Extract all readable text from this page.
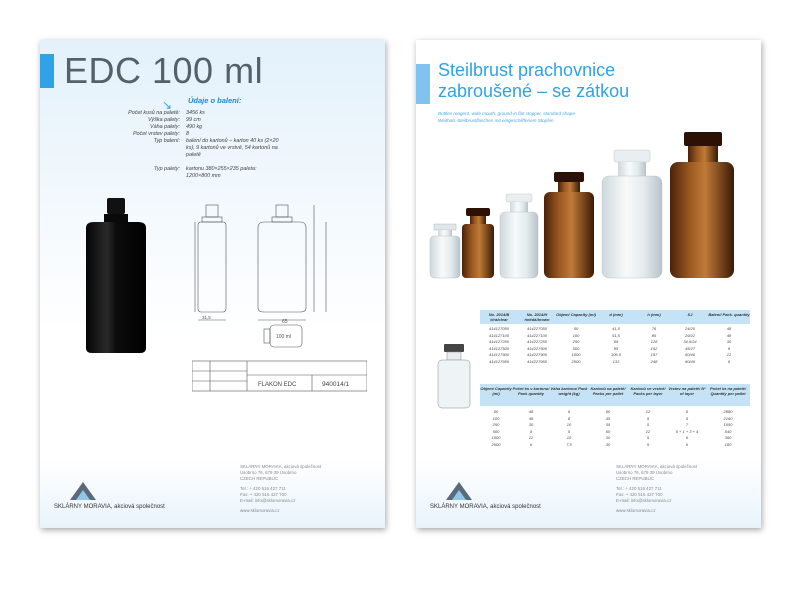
EDC 100 ml
↘ Údaje o balení:
Počet kusů na paletě: 3456 ks
Výška palety: 99 cm
Váha palety: 490 kg
Počet vrstev palety: 8
Typ balení: balení do kartonů – karton 40 ks (2×20 ks), 9 kartonů ve vrstvě, 54 kartonů na paletě
Typ palety: kartonu 380×255×235 paleta: 1200×800 mm
65
31,5
100 ml
FLAKON EDC	940014/1
SKLÁRNY MORAVIA, akciová společnost
SKLÁRNY MORAVIA, akciová společnost
Úsobrno 76, 679 39 Úsobrno
CZECH REPUBLIC
Tel.: + 420 516 427 711
Fax: + 420 516 427 700
E-mail: info@sklomoravia.cz
www.sklomoravia.cz
Steilbrust prachovnice
zabroušené – se zátkou
Bottles reagent, wide mouth, ground-in flat stopper, standard shape
Weithals-Steilbrustflaschen mit eingeschliffenem Stopfen
No. 2014/B čirá/clear
No. 2014/H hnědá/brown
Objem/ Capacity (ml)	d (mm)	h (mm)	SJ	Balení/ Pack. quantity
414127050	414227050	50	41,5	76	24/20	48
414127100	414227100	100	51,5	85	29/22	48
414127250	414227250	250	69	128	34,5/24	30
414127500	414227500	500	85	162	45/27	9
414127900	414227900	1000	106,5	197	60/46	12
414127950	414227950	2000	133	248	60/46	6
Objem/ Capacity (ml)
Počet ks v kartonu/ Pack quantity
Váha kartonu/ Pack weight (kg)
Kartonů na paletě/ Packs per pallet
Kartonů ve vrstvě/ Packs per layer
Vrstev na paletě/ Nº of layer
Počet ks na paletě/ Quantity per pallet
50	48	6	60	12	5	2880
100	48	8	45	9	5	2160
250	30	10	35	5	7	1050
500	9	5	60	12	5 + 1 + 3 + 4	540
1000	12	10	30	5	6	360
2000	6	7,5	30	5	6	180
SKLÁRNY MORAVIA, akciová společnost
SKLÁRNY MORAVIA, akciová společnost
Úsobrno 76, 679 39 Úsobrno
CZECH REPUBLIC
Tel.: + 420 516 427 711
Fax: + 420 516 427 700
E-mail: info@sklomoravia.cz
www.sklomoravia.cz
